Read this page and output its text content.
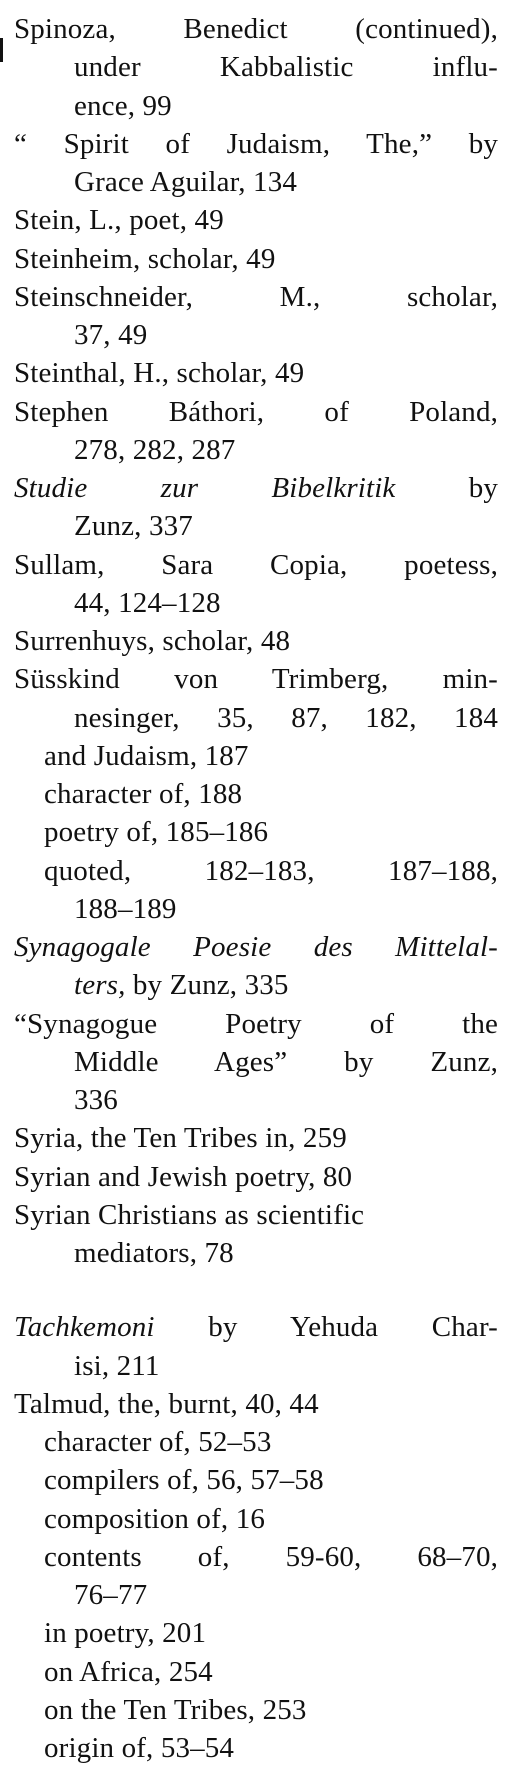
Spinoza, Benedict (continued),
under Kabbalistic influ-
ence, 99
“ Spirit of Judaism, The,” by
Grace Aguilar, 134
Stein, L., poet, 49
Steinheim, scholar, 49
Steinschneider, M., scholar,
37, 49
Steinthal, H., scholar, 49
Stephen Báthori, of Poland,
278, 282, 287
Studie zur Bibelkritik by
Zunz, 337
Sullam, Sara Copia, poetess,
44, 124–128
Surrenhuys, scholar, 48
Süsskind von Trimberg, min-
nesinger, 35, 87, 182, 184
and Judaism, 187
character of, 188
poetry of, 185–186
quoted, 182–183, 187–188,
188–189
Synagogale Poesie des Mittelal-
ters, by Zunz, 335
“Synagogue Poetry of the
Middle Ages” by Zunz,
336
Syria, the Ten Tribes in, 259
Syrian and Jewish poetry, 80
Syrian Christians as scientific
mediators, 78
Tachkemoni by Yehuda Char-
isi, 211
Talmud, the, burnt, 40, 44
character of, 52–53
compilers of, 56, 57–58
composition of, 16
contents of, 59-60, 68–70,
76–77
in poetry, 201
on Africa, 254
on the Ten Tribes, 253
origin of, 53–54
